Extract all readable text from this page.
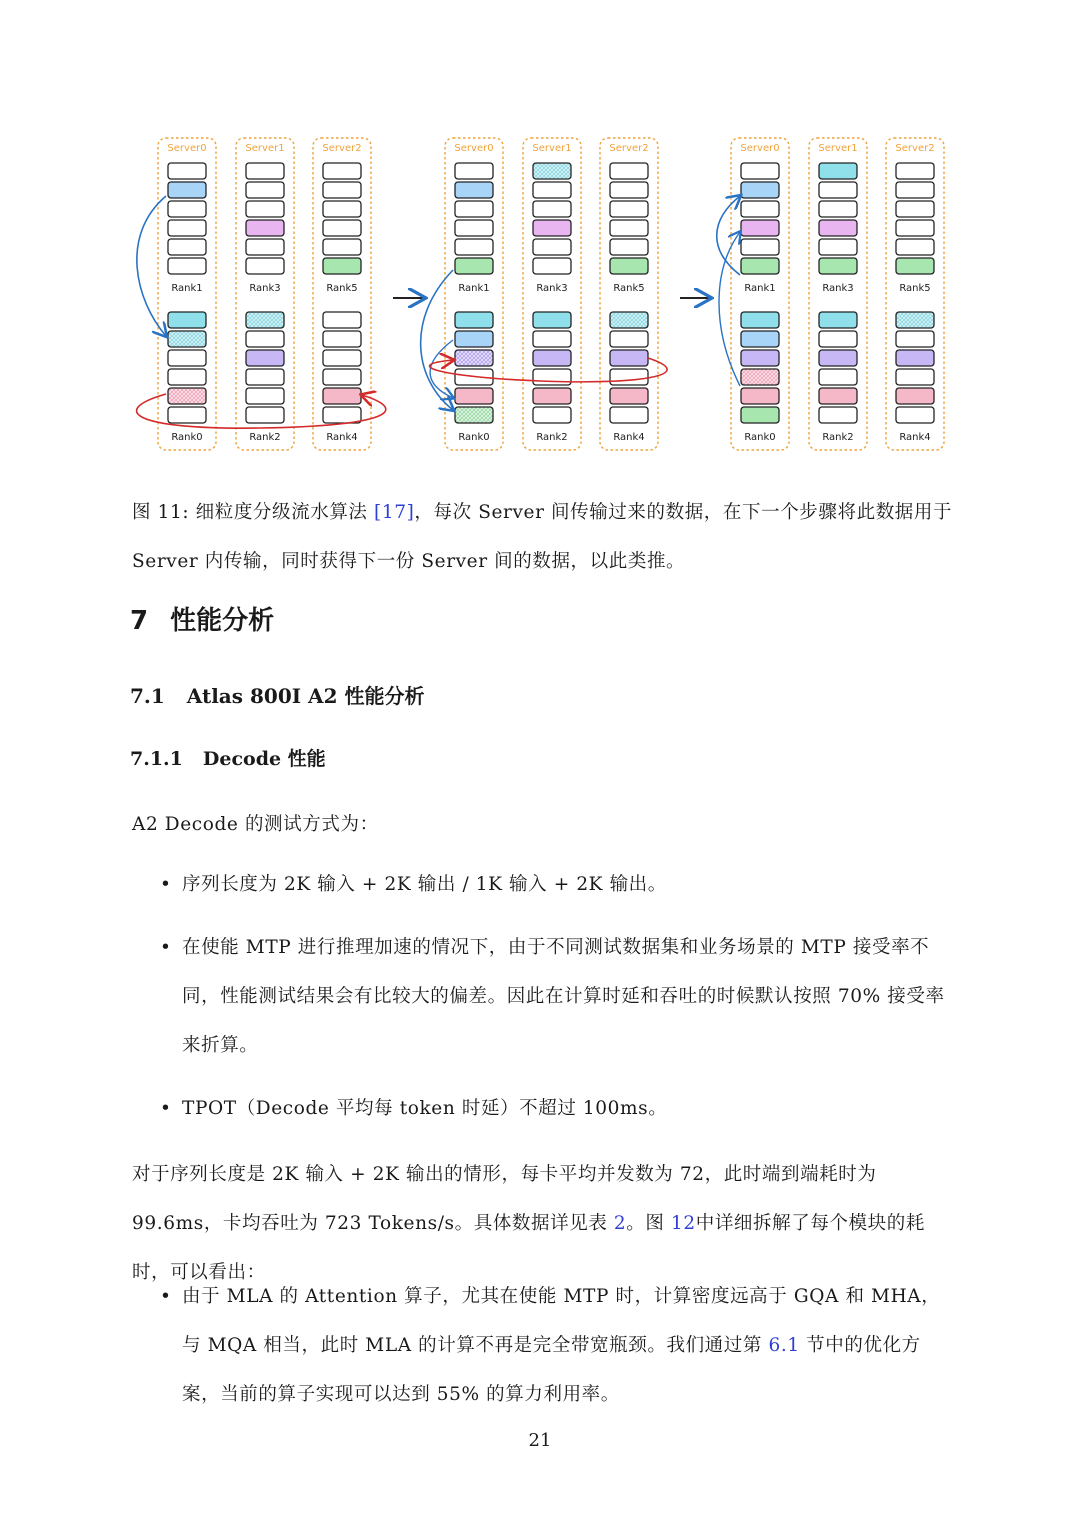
Server0
Rank1
Rank0
Server1
Rank3
Rank2
Server2
Rank5
Rank4
Server0
Rank1
Rank0
Server1
Rank3
Rank2
Server2
Rank5
Rank4
Server0
Rank1
Rank0
Server1
Rank3
Rank2
Server2
Rank5
Rank4
图 11: 细粒度分级流水算法 [17]，每次 Server 间传输过来的数据，在下一个步骤将此数据用于 Server 内传输，同时获得下一份 Server 间的数据，以此类推。
7 性能分析
7.1 Atlas 800I A2 性能分析
7.1.1 Decode 性能
A2 Decode 的测试方式为：
• 序列长度为 2K 输入 + 2K 输出 / 1K 输入 + 2K 输出。
• 在使能 MTP 进行推理加速的情况下，由于不同测试数据集和业务场景的 MTP 接受率不同，性能测试结果会有比较大的偏差。因此在计算时延和吞吐的时候默认按照 70% 接受率来折算。
• TPOT（Decode 平均每 token 时延）不超过 100ms。
对于序列长度是 2K 输入 + 2K 输出的情形，每卡平均并发数为 72，此时端到端耗时为 99.6ms，卡均吞吐为 723 Tokens/s。具体数据详见表 2。图 12中详细拆解了每个模块的耗时，可以看出：
• 由于 MLA 的 Attention 算子，尤其在使能 MTP 时，计算密度远高于 GQA 和 MHA，与 MQA 相当，此时 MLA 的计算不再是完全带宽瓶颈。我们通过第 6.1 节中的优化方案，当前的算子实现可以达到 55% 的算力利用率。
21
